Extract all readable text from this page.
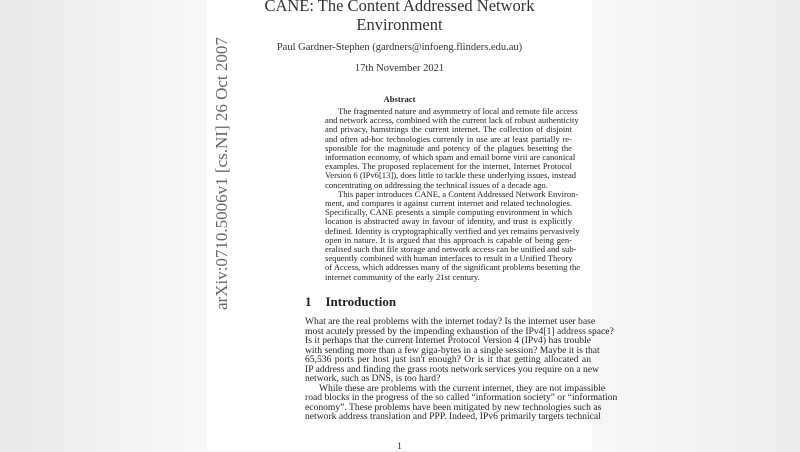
CANE: The Content Addressed Network
Environment
Paul Gardner-Stephen (gardners@infoeng.flinders.edu.au)
17th November 2021
Abstract
The fragmented nature and asymmetry of local and remote file access
and network access, combined with the current lack of robust authenticity
and privacy, hamstrings the current internet. The collection of disjoint
and often ad-hoc technologies currently in use are at least partially re-
sponsible for the magnitude and potency of the plagues besetting the
information economy, of which spam and email borne virii are canonical
examples. The proposed replacement for the internet, Internet Protocol
Version 6 (IPv6[13]), does little to tackle these underlying issues, instead
concentrating on addressing the technical issues of a decade ago.
This paper introduces CANE, a Content Addressed Network Environ-
ment, and compares it against current internet and related technologies.
Specifically, CANE presents a simple computing environment in which
location is abstracted away in favour of identity, and trust is explicitly
defined. Identity is cryptographically verified and yet remains pervasively
open in nature. It is argued that this approach is capable of being gen-
eralised such that file storage and network access can be unified and sub-
sequently combined with human interfaces to result in a Unified Theory
of Access, which addresses many of the significant problems besetting the
internet community of the early 21st century.
1 Introduction
What are the real problems with the internet today? Is the internet user base
most acutely pressed by the impending exhaustion of the IPv4[1] address space?
Is it perhaps that the current Internet Protocol Version 4 (IPv4) has trouble
with sending more than a few giga-bytes in a single session? Maybe it is that
65,536 ports per host just isn't enough? Or is it that getting allocated an
IP address and finding the grass roots network services you require on a new
network, such as DNS, is too hard?
While these are problems with the current internet, they are not impassible
road blocks in the progress of the so called “information society” or “information
economy”. These problems have been mitigated by new technologies such as
network address translation and PPP. Indeed, IPv6 primarily targets technical
1
arXiv:0710.5006v1 [cs.NI] 26 Oct 2007
